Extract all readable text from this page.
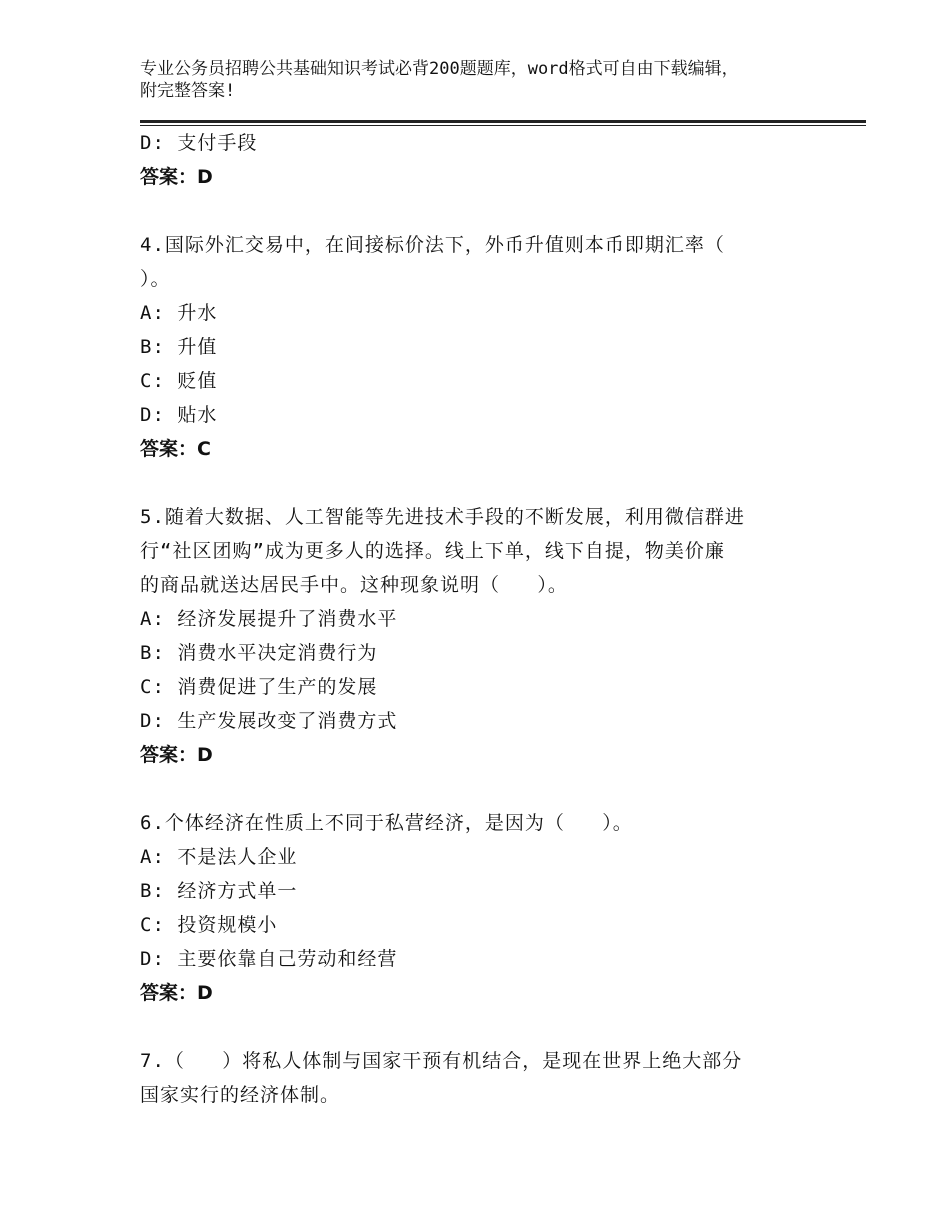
专业公务员招聘公共基础知识考试必背200题题库，word格式可自由下载编辑，
附完整答案!

D: 支付手段

答案：D

4.国际外汇交易中，在间接标价法下，外币升值则本币即期汇率（

）。

A: 升水

B: 升值

C: 贬值

D: 贴水

答案：C

5.随着大数据、人工智能等先进技术手段的不断发展，利用微信群进

行“社区团购”成为更多人的选择。线上下单，线下自提，物美价廉

的商品就送达居民手中。这种现象说明（   ）。

A: 经济发展提升了消费水平

B: 消费水平决定消费行为

C: 消费促进了生产的发展

D: 生产发展改变了消费方式

答案：D

6.个体经济在性质上不同于私营经济，是因为（   ）。

A: 不是法人企业

B: 经济方式单一

C: 投资规模小

D: 主要依靠自己劳动和经营

答案：D

7.（   ）将私人体制与国家干预有机结合，是现在世界上绝大部分

国家实行的经济体制。
